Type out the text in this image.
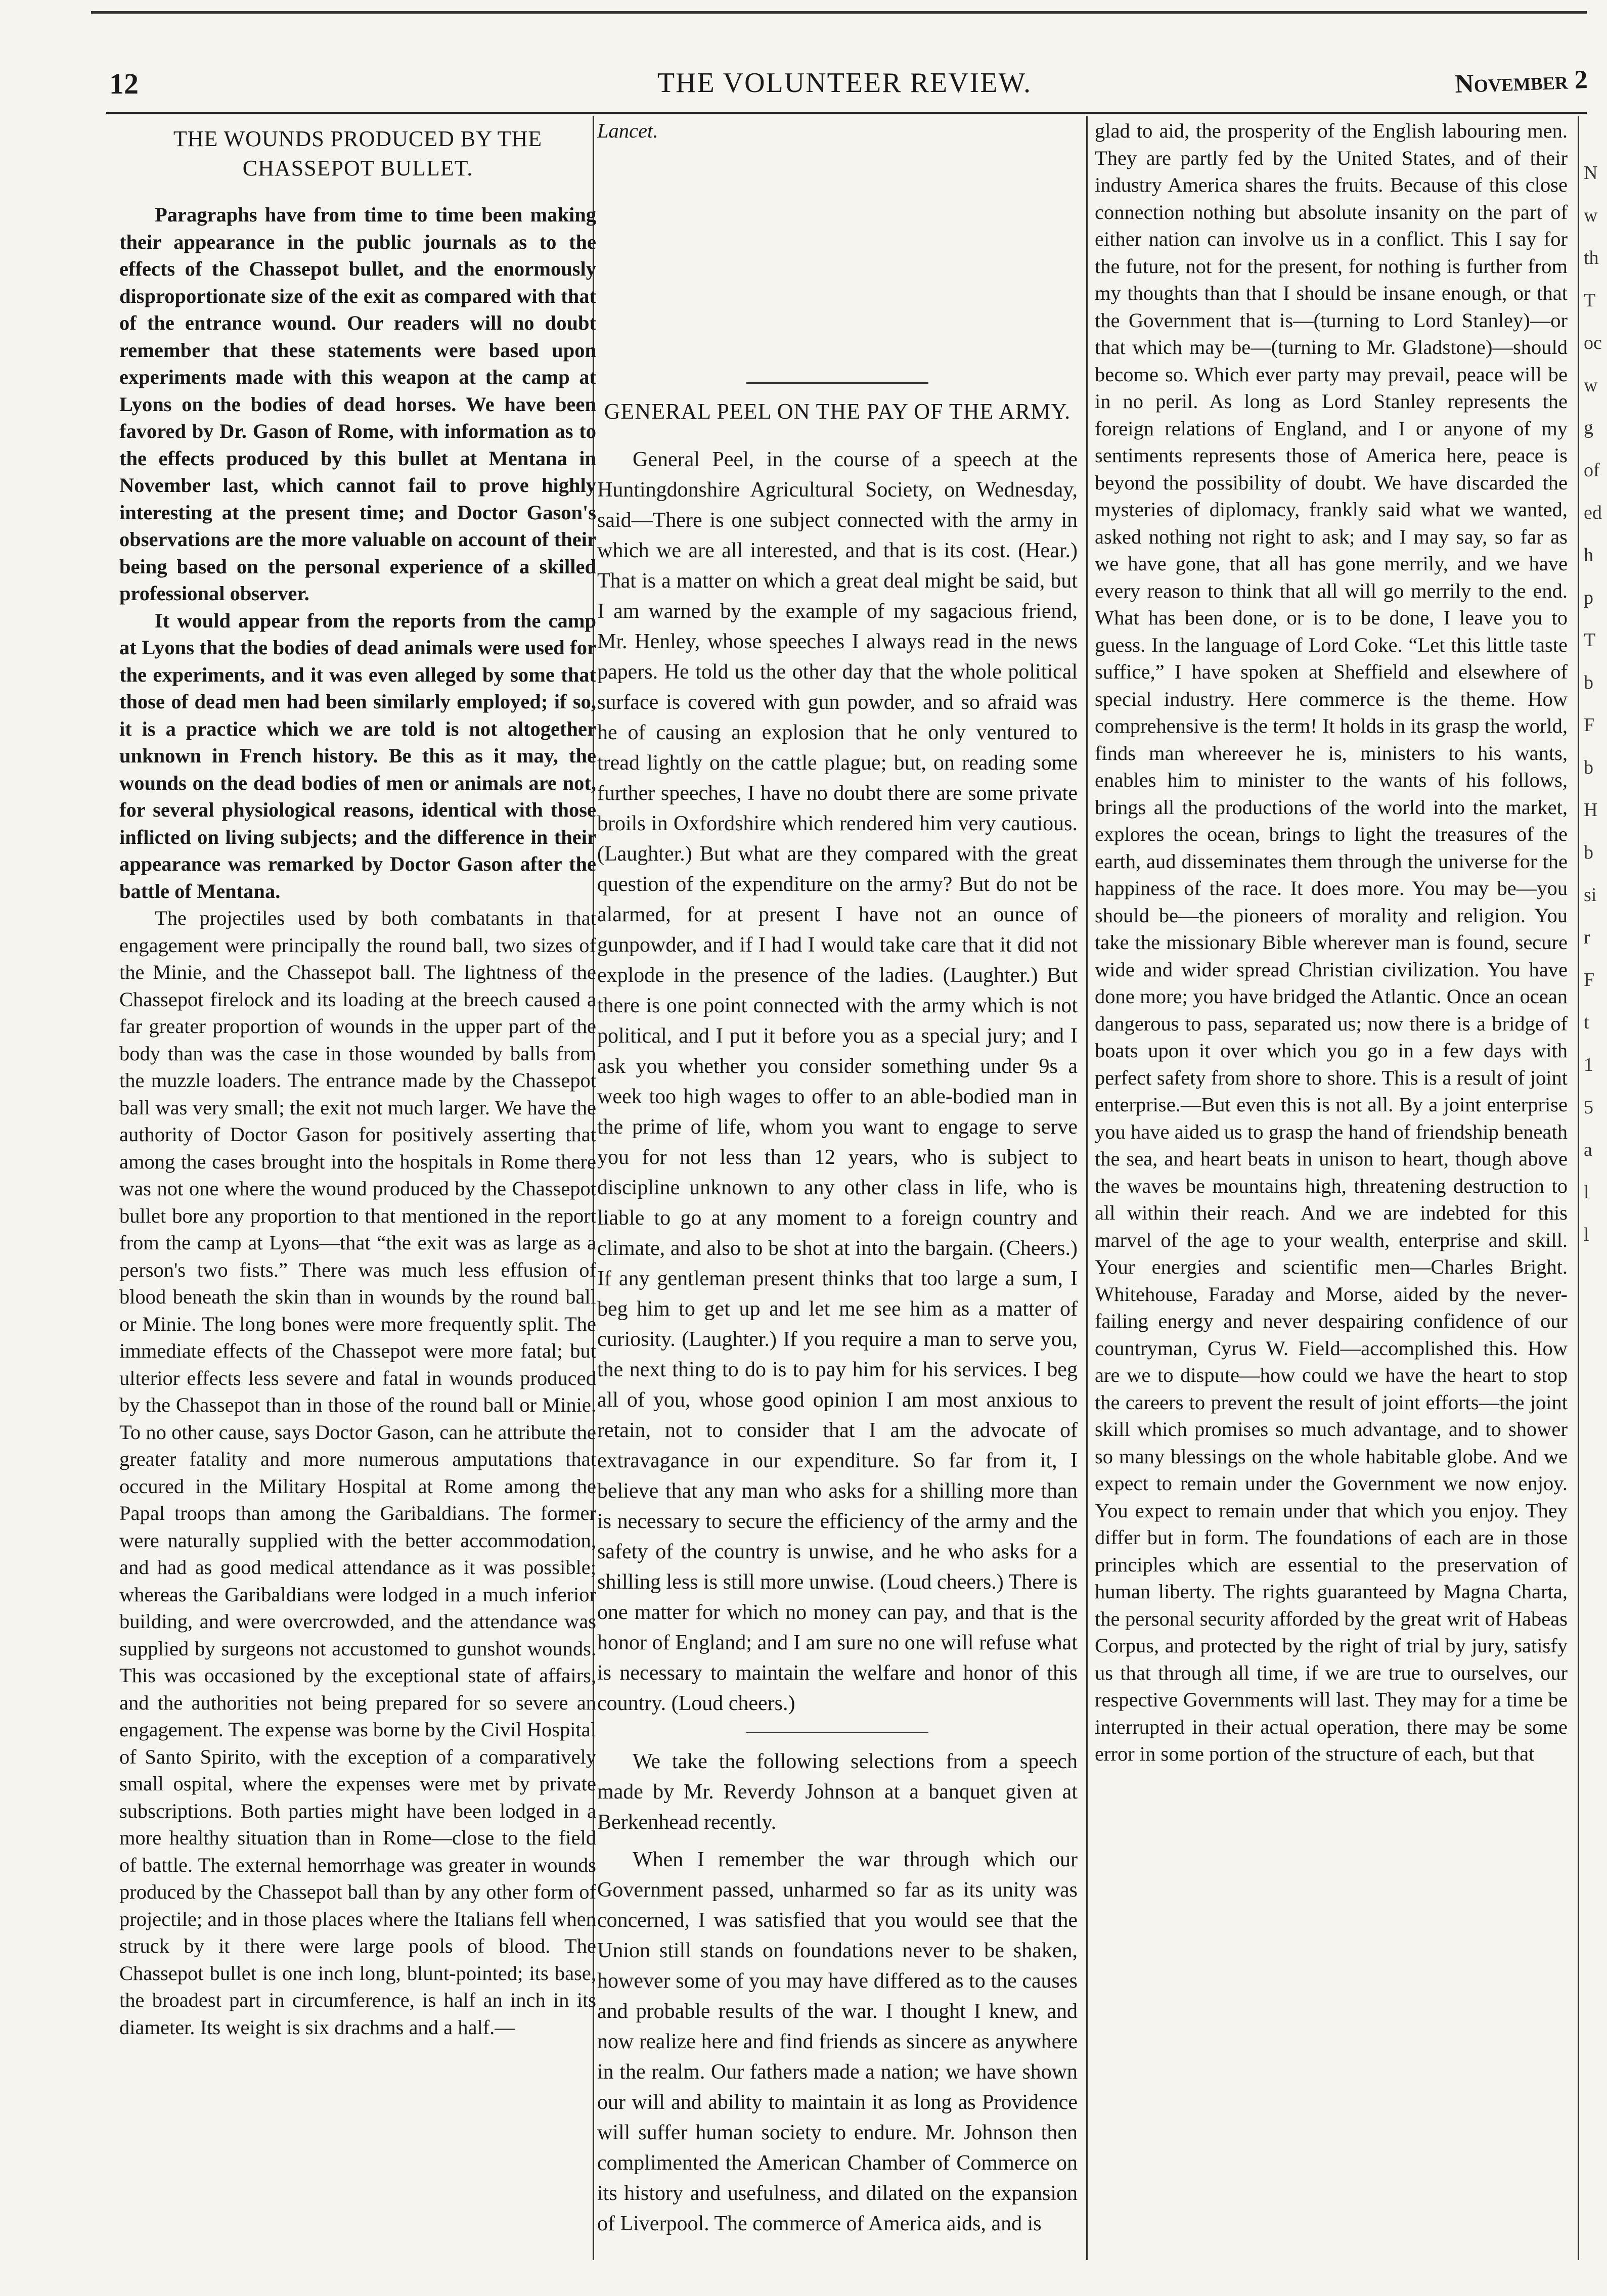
12	THE VOLUNTEER REVIEW.	November 2
THE WOUNDS PRODUCED BY THE CHASSEPOT BULLET.

Paragraphs have from time to time been making their appearance in the public journals as to the effects of the Chassepot bullet, and the enormously disproportionate size of the exit as compared with that of the entrance wound. Our readers will no doubt remember that these statements were based upon experiments made with this weapon at the camp at Lyons on the bodies of dead horses. We have been favored by Dr. Gason of Rome, with information as to the effects produced by this bullet at Mentana in November last, which cannot fail to prove highly interesting at the present time; and Doctor Gason's observations are the more valuable on account of their being based on the personal experience of a skilled professional observer.

It would appear from the reports from the camp at Lyons that the bodies of dead animals were used for the experiments, and it was even alleged by some that those of dead men had been similarly employed; if so, it is a practice which we are told is not altogether unknown in French history. Be this as it may, the wounds on the dead bodies of men or animals are not, for several physiological reasons, identical with those inflicted on living subjects; and the difference in their appearance was remarked by Doctor Gason after the battle of Mentana.

The projectiles used by both combatants in that engagement were principally the round ball, two sizes of the Minie, and the Chassepot ball. The lightness of the Chassepot firelock and its loading at the breech caused a far greater proportion of wounds in the upper part of the body than was the case in those wounded by balls from the muzzle loaders. The entrance made by the Chassepot ball was very small; the exit not much larger. We have the authority of Doctor Gason for positively asserting that among the cases brought into the hospitals in Rome there was not one where the wound produced by the Chassepot bullet bore any proportion to that mentioned in the report from the camp at Lyons—that “the exit was as large as a person's two fists.” There was much less effusion of blood beneath the skin than in wounds by the round ball or Minie. The long bones were more frequently split. The immediate effects of the Chassepot were more fatal; but ulterior effects less severe and fatal in wounds produced by the Chassepot than in those of the round ball or Minie. To no other cause, says Doctor Gason, can he attribute the greater fatality and more numerous amputations that occured in the Military Hospital at Rome among the Papal troops than among the Garibaldians. The former were naturally supplied with the better accommodation, and had as good medical attendance as it was possible; whereas the Garibaldians were lodged in a much inferior building, and were overcrowded, and the attendance was supplied by surgeons not accustomed to gunshot wounds. This was occasioned by the exceptional state of affairs, and the authorities not being prepared for so severe an engagement. The expense was borne by the Civil Hospital of Santo Spirito, with the exception of a comparatively small ospital, where the expenses were met by private subscriptions. Both parties might have been lodged in a more healthy situation than in Rome—close to the field of battle. The external hemorrhage was greater in wounds produced by the Chassepot ball than by any other form of projectile; and in those places where the Italians fell when struck by it there were large pools of blood. The Chassepot bullet is one inch long, blunt-pointed; its base, the broadest part in circumference, is half an inch in its diameter. Its weight is six drachms and a half.—

Lancet.
GENERAL PEEL ON THE PAY OF THE ARMY.

General Peel, in the course of a speech at the Huntingdonshire Agricultural Society, on Wednesday, said—There is one subject connected with the army in which we are all interested, and that is its cost. (Hear.) That is a matter on which a great deal might be said, but I am warned by the example of my sagacious friend, Mr. Henley, whose speeches I always read in the news papers. He told us the other day that the whole political surface is covered with gun powder, and so afraid was he of causing an explosion that he only ventured to tread lightly on the cattle plague; but, on reading some further speeches, I have no doubt there are some private broils in Oxfordshire which rendered him very cautious. (Laughter.) But what are they compared with the great question of the expenditure on the army? But do not be alarmed, for at present I have not an ounce of gunpowder, and if I had I would take care that it did not explode in the presence of the ladies. (Laughter.) But there is one point connected with the army which is not political, and I put it before you as a special jury; and I ask you whether you consider something under 9s a week too high wages to offer to an able-bodied man in the prime of life, whom you want to engage to serve you for not less than 12 years, who is subject to discipline unknown to any other class in life, who is liable to go at any moment to a foreign country and climate, and also to be shot at into the bargain. (Cheers.) If any gentleman present thinks that too large a sum, I beg him to get up and let me see him as a matter of curiosity. (Laughter.) If you require a man to serve you, the next thing to do is to pay him for his services. I beg all of you, whose good opinion I am most anxious to retain, not to consider that I am the advocate of extravagance in our expenditure. So far from it, I believe that any man who asks for a shilling more than is necessary to secure the efficiency of the army and the safety of the country is unwise, and he who asks for a shilling less is still more unwise. (Loud cheers.) There is one matter for which no money can pay, and that is the honor of England; and I am sure no one will refuse what is necessary to maintain the welfare and honor of this country. (Loud cheers.)

We take the following selections from a speech made by Mr. Reverdy Johnson at a banquet given at Berkenhead recently.

When I remember the war through which our Government passed, unharmed so far as its unity was concerned, I was satisfied that you would see that the Union still stands on foundations never to be shaken, however some of you may have differed as to the causes and probable results of the war. I thought I knew, and now realize here and find friends as sincere as anywhere in the realm. Our fathers made a nation; we have shown our will and ability to maintain it as long as Providence will suffer human society to endure. Mr. Johnson then complimented the American Chamber of Commerce on its history and usefulness, and dilated on the expansion of Liverpool. The commerce of America aids, and is

glad to aid, the prosperity of the English labouring men. They are partly fed by the United States, and of their industry America shares the fruits. Because of this close connection nothing but absolute insanity on the part of either nation can involve us in a conflict. This I say for the future, not for the present, for nothing is further from my thoughts than that I should be insane enough, or that the Government that is—(turning to Lord Stanley)—or that which may be—(turning to Mr. Gladstone)—should become so. Which ever party may prevail, peace will be in no peril. As long as Lord Stanley represents the foreign relations of England, and I or anyone of my sentiments represents those of America here, peace is beyond the possibility of doubt. We have discarded the mysteries of diplomacy, frankly said what we wanted, asked nothing not right to ask; and I may say, so far as we have gone, that all has gone merrily, and we have every reason to think that all will go merrily to the end. What has been done, or is to be done, I leave you to guess. In the language of Lord Coke. “Let this little taste suffice,” I have spoken at Sheffield and elsewhere of special industry. Here commerce is the theme. How comprehensive is the term! It holds in its grasp the world, finds man whereever he is, ministers to his wants, enables him to minister to the wants of his follows, brings all the productions of the world into the market, explores the ocean, brings to light the treasures of the earth, aud disseminates them through the universe for the happiness of the race. It does more. You may be—you should be—the pioneers of morality and religion. You take the missionary Bible wherever man is found, secure wide and wider spread Christian civilization. You have done more; you have bridged the Atlantic. Once an ocean dangerous to pass, separated us; now there is a bridge of boats upon it over which you go in a few days with perfect safety from shore to shore. This is a result of joint enterprise.—But even this is not all. By a joint enterprise you have aided us to grasp the hand of friendship beneath the sea, and heart beats in unison to heart, though above the waves be mountains high, threatening destruction to all within their reach. And we are indebted for this marvel of the age to your wealth, enterprise and skill. Your energies and scientific men—Charles Bright. Whitehouse, Faraday and Morse, aided by the never-failing energy and never despairing confidence of our countryman, Cyrus W. Field—accomplished this. How are we to dispute—how could we have the heart to stop the careers to prevent the result of joint efforts—the joint skill which promises so much advantage, and to shower so many blessings on the whole habitable globe. And we expect to remain under the Government we now enjoy. You expect to remain under that which you enjoy. They differ but in form. The foundations of each are in those principles which are essential to the preservation of human liberty. The rights guaranteed by Magna Charta, the personal security afforded by the great writ of Habeas Corpus, and protected by the right of trial by jury, satisfy us that through all time, if we are true to ourselves, our respective Governments will last. They may for a time be interrupted in their actual operation, there may be some error in some portion of the structure of each, but that

N
w
th
T
oc
w
g
of
ed
h
p
T
b
F
b
H
b
si
r
F
t
1
5
a
l
l
